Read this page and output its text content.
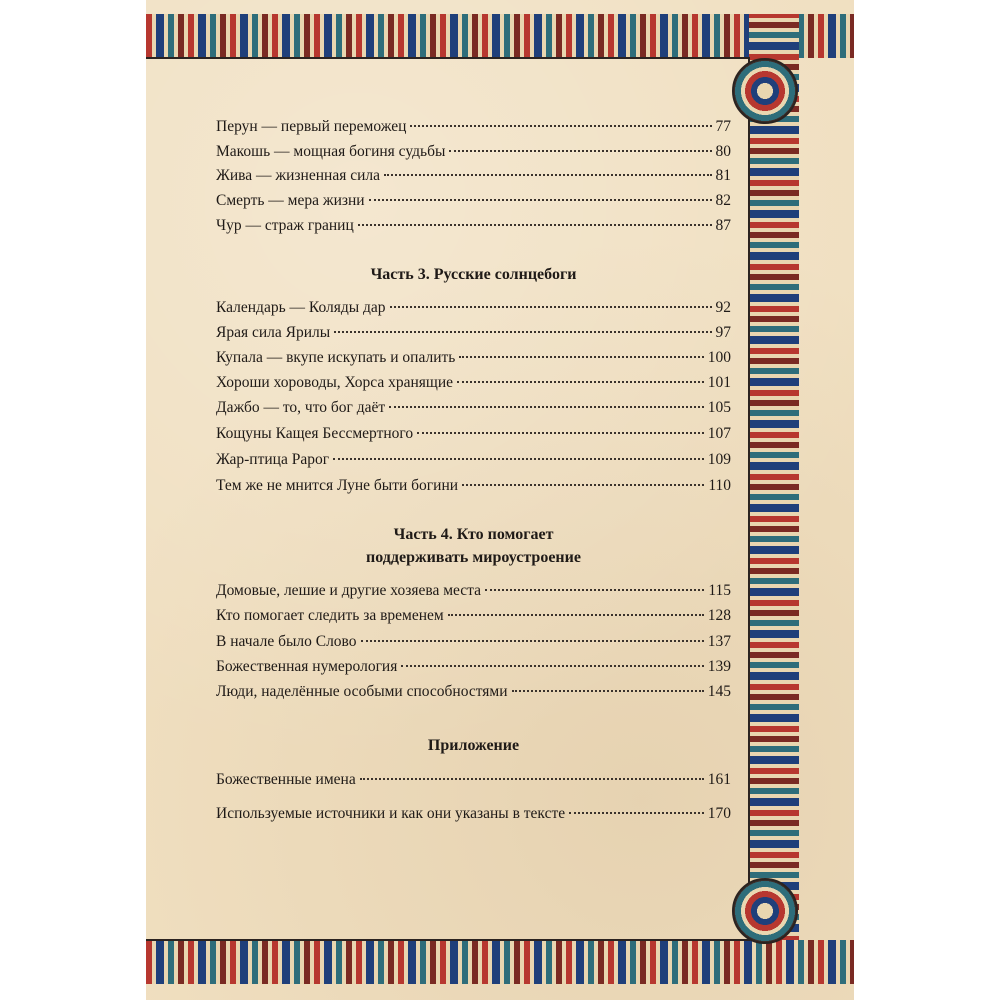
Перун — первый переможец	77
Макошь — мощная богиня судьбы	80
Жива — жизненная сила	81
Смерть — мера жизни	82
Чур — страж границ	87
Часть 3. Русские солнцебоги
Календарь — Коляды дар	92
Ярая сила Ярилы	97
Купала — вкупе искупать и опалить	100
Хороши хороводы, Хорса хранящие	101
Дажбо — то, что бог даёт	105
Кощуны Кащея Бессмертного	107
Жар-птица Рарог	109
Тем же не мнится Луне быти богини	110
Часть 4. Кто помогает
поддерживать мироустроение
Домовые, лешие и другие хозяева места	115
Кто помогает следить за временем	128
В начале было Слово	137
Божественная нумерология	139
Люди, наделённые особыми способностями	145
Приложение
Божественные имена	161
Используемые источники и как они указаны в тексте	170
